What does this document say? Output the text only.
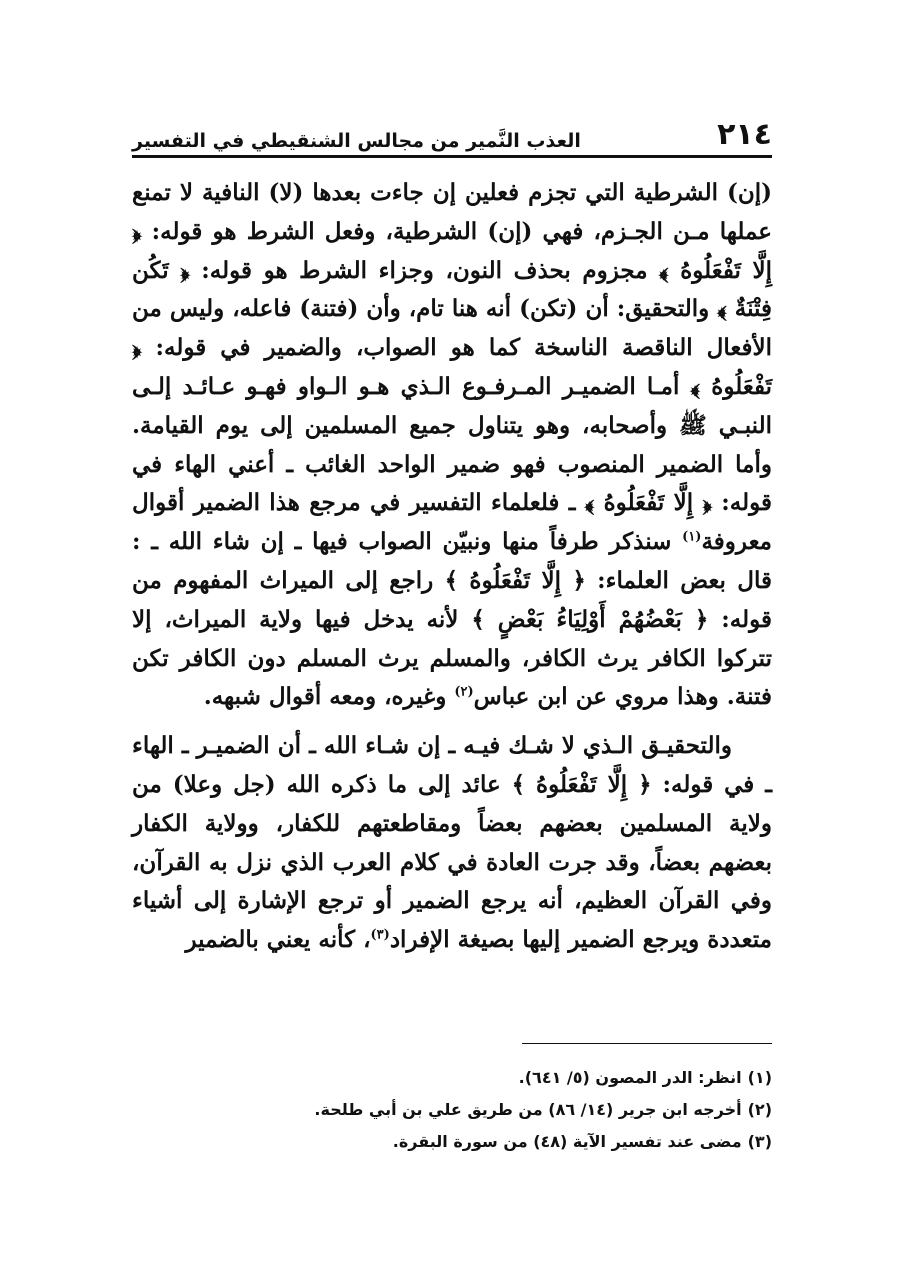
٢١٤
العذب النَّمير من مجالس الشنقيطي في التفسير

(إن) الشرطية التي تجزم فعلين إن جاءت بعدها (لا) النافية لا تمنع عملها مـن الجـزم، فهي (إن) الشرطية، وفعل الشرط هو قوله: ﴿ إِلَّا تَفْعَلُوهُ ﴾ مجزوم بحذف النون، وجزاء الشرط هو قوله: ﴿ تَكُن فِتْنَةٌ ﴾ والتحقيق: أن (تكن) أنه هنا تام، وأن (فتنة) فاعله، وليس من الأفعال الناقصة الناسخة كما هو الصواب، والضمير في قوله: ﴿ تَفْعَلُوهُ ﴾ أمـا الضميـر المـرفـوع الـذي هـو الـواو فهـو عـائـد إلـى النبـي ﷺ وأصحابه، وهو يتناول جميع المسلمين إلى يوم القيامة. وأما الضمير المنصوب فهو ضمير الواحد الغائب ـ أعني الهاء في قوله: ﴿ إِلَّا تَفْعَلُوهُ ﴾ ـ فلعلماء التفسير في مرجع هذا الضمير أقوال معروفة$^{(١)}$ سنذكر طرفاً منها ونبيّن الصواب فيها ـ إن شاء الله ـ : قال بعض العلماء: ﴿ إِلَّا تَفْعَلُوهُ ﴾ راجع إلى الميراث المفهوم من قوله: ﴿ بَعْضُهُمْ أَوْلِيَاءُ بَعْضٍ ﴾ لأنه يدخل فيها ولاية الميراث، إلا تتركوا الكافر يرث الكافر، والمسلم يرث المسلم دون الكافر تكن فتنة. وهذا مروي عن ابن عباس$^{(٢)}$ وغيره، ومعه أقوال شبهه.

والتحقيـق الـذي لا شـك فيـه ـ إن شـاء الله ـ أن الضميـر ـ الهاء ـ في قوله: ﴿ إِلَّا تَفْعَلُوهُ ﴾ عائد إلى ما ذكره الله (جل وعلا) من ولاية المسلمين بعضهم بعضاً ومقاطعتهم للكفار، وولاية الكفار بعضهم بعضاً، وقد جرت العادة في كلام العرب الذي نزل به القرآن، وفي القرآن العظيم، أنه يرجع الضمير أو ترجع الإشارة إلى أشياء متعددة ويرجع الضمير إليها بصيغة الإفراد$^{(٣)}$، كأنه يعني بالضمير

(١)انظر: الدر المصون (٥/ ٦٤١).
(٢)أخرجه ابن جرير (١٤/ ٨٦) من طريق علي بن أبي طلحة.
(٣)مضى عند تفسير الآية (٤٨) من سورة البقرة.
